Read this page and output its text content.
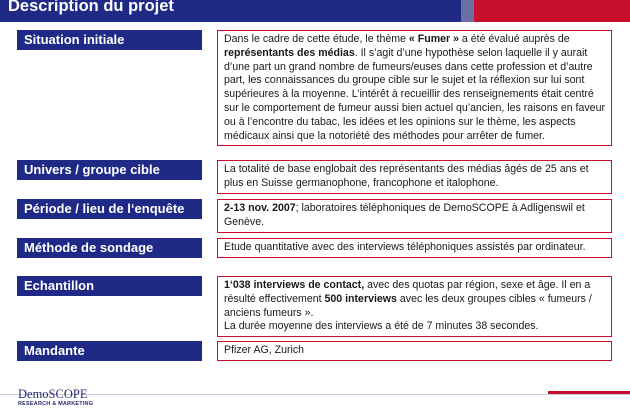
Description du projet
Situation initiale	Dans le cadre de cette étude, le thème « Fumer » a été évalué auprès de représentants des médias. Il s’agit d’une hypothèse selon laquelle il y aurait d’une part un grand nombre de fumeurs/euses dans cette profession et d’autre part, les connaissances du groupe cible sur le sujet et la réflexion sur lui sont supérieures à la moyenne. L’intérêt à recueillir des renseignements était centré sur le comportement de fumeur aussi bien actuel qu’ancien, les raisons en faveur ou à l’encontre du tabac, les idées et les opinions sur le thème, les aspects médicaux ainsi que la notoriété des méthodes pour arrêter de fumer.
Univers / groupe cible	La totalité de base englobait des représentants des médias âgés de 25 ans et plus en Suisse germanophone, francophone et italophone.
Période / lieu de l‘enquête	2-13 nov. 2007; laboratoires téléphoniques de DemoSCOPE à Adligenswil et Genève.
Méthode de sondage	Etude quantitative avec des interviews téléphoniques assistés par ordinateur.
Echantillon	1‘038 interviews de contact, avec des quotas par région, sexe et âge. Il en a résulté effectivement 500 interviews avec les deux groupes cibles « fumeurs / anciens fumeurs ».
La durée moyenne des interviews a été de 7 minutes 38 secondes.
Mandante	Pfizer AG, Zurich
DemoSCOPE
RESEARCH & MARKETING
